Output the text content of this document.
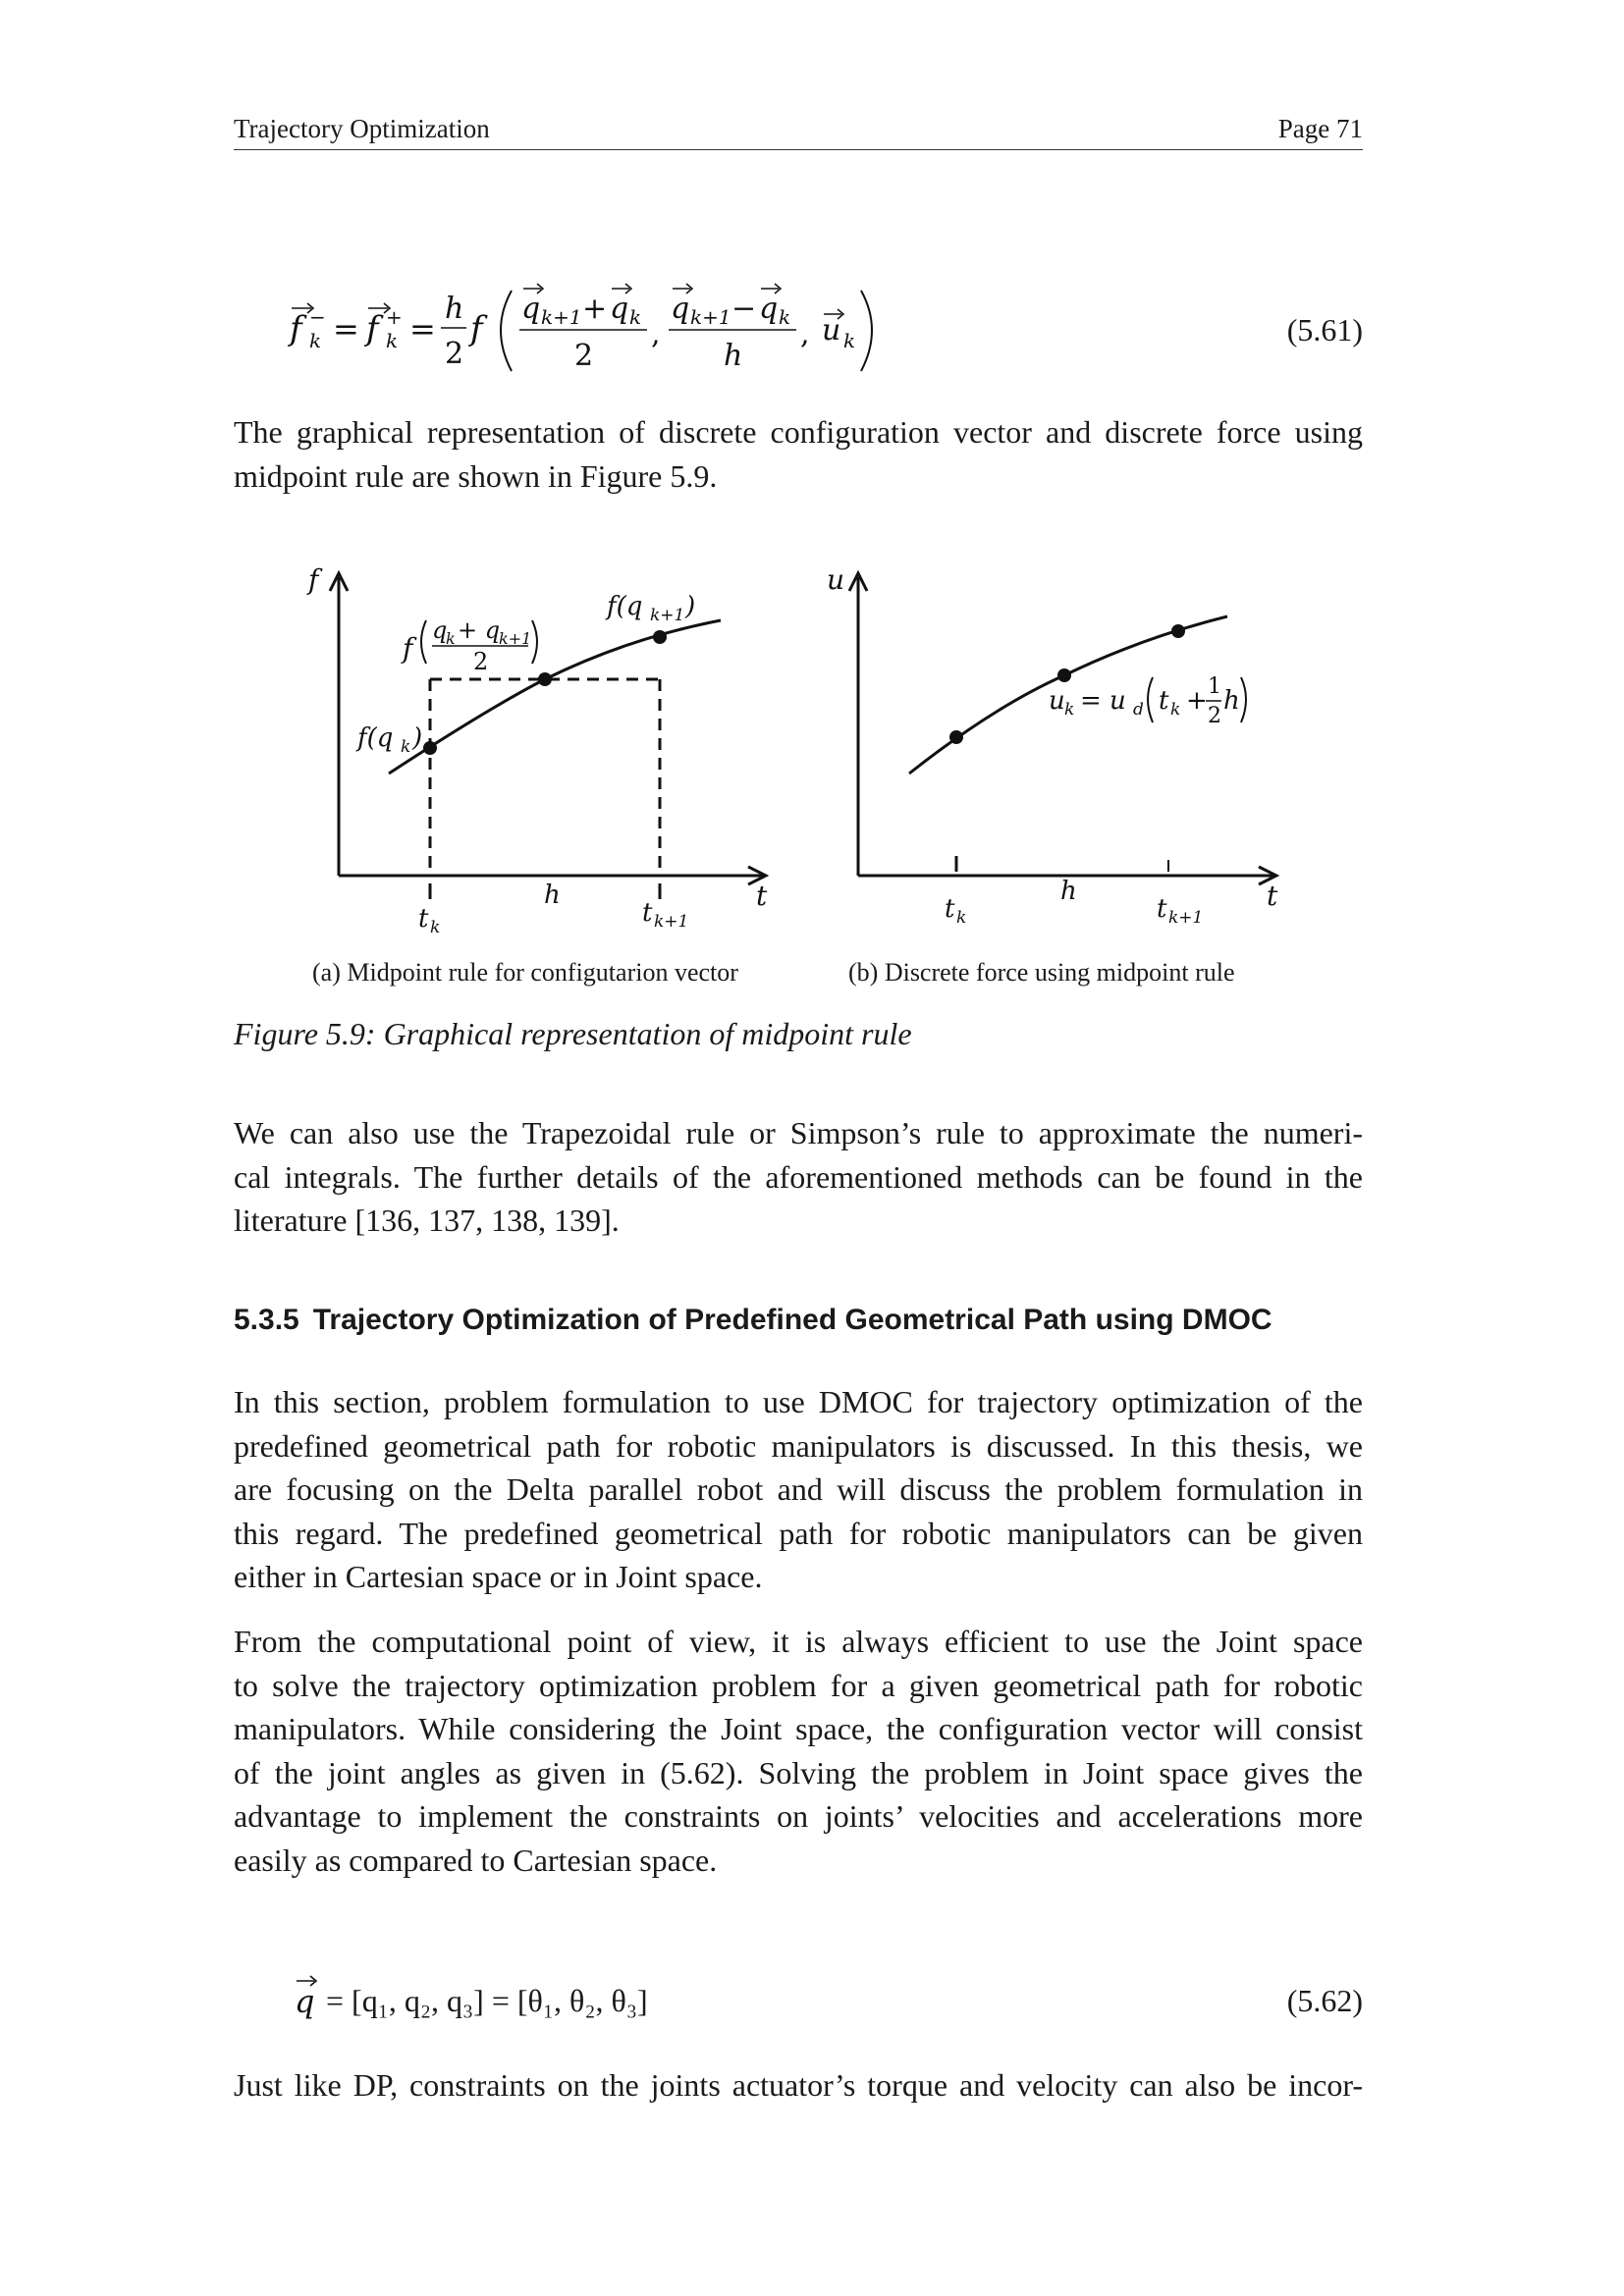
Trajectory Optimization	Page 71
f k
− = f k
+ =
h
2
f
q k+1 + q k
2
,
q k+1 − q k
h
, u k	(5.61)
The graphical representation of discrete configuration vector and discrete force using
midpoint rule are shown in Figure 5.9.
f
t
f
q
k + q
k+1
2
f(q k+1 )
f(q k )
t k	t k+1
h
u
t
u k = u d t k + 1
2
h
t k	t k+1
h
(a) Midpoint rule for configutarion vector	(b) Discrete force using midpoint rule
Figure 5.9: Graphical representation of midpoint rule
We can also use the Trapezoidal rule or Simpson’s rule to approximate the numeri-
cal integrals. The further details of the aforementioned methods can be found in the
literature [136, 137, 138, 139].
5.3.5 Trajectory Optimization of Predefined Geometrical Path using DMOC
In this section, problem formulation to use DMOC for trajectory optimization of the
predefined geometrical path for robotic manipulators is discussed. In this thesis, we
are focusing on the Delta parallel robot and will discuss the problem formulation in
this regard. The predefined geometrical path for robotic manipulators can be given
either in Cartesian space or in Joint space.
From the computational point of view, it is always efficient to use the Joint space
to solve the trajectory optimization problem for a given geometrical path for robotic
manipulators. While considering the Joint space, the configuration vector will consist
of the joint angles as given in (5.62). Solving the problem in Joint space gives the
advantage to implement the constraints on joints’ velocities and accelerations more
easily as compared to Cartesian space.
q = [q₁, q₂, q₃] = [θ₁, θ₂, θ₃]	(5.62)
Just like DP, constraints on the joints actuator’s torque and velocity can also be incor-
